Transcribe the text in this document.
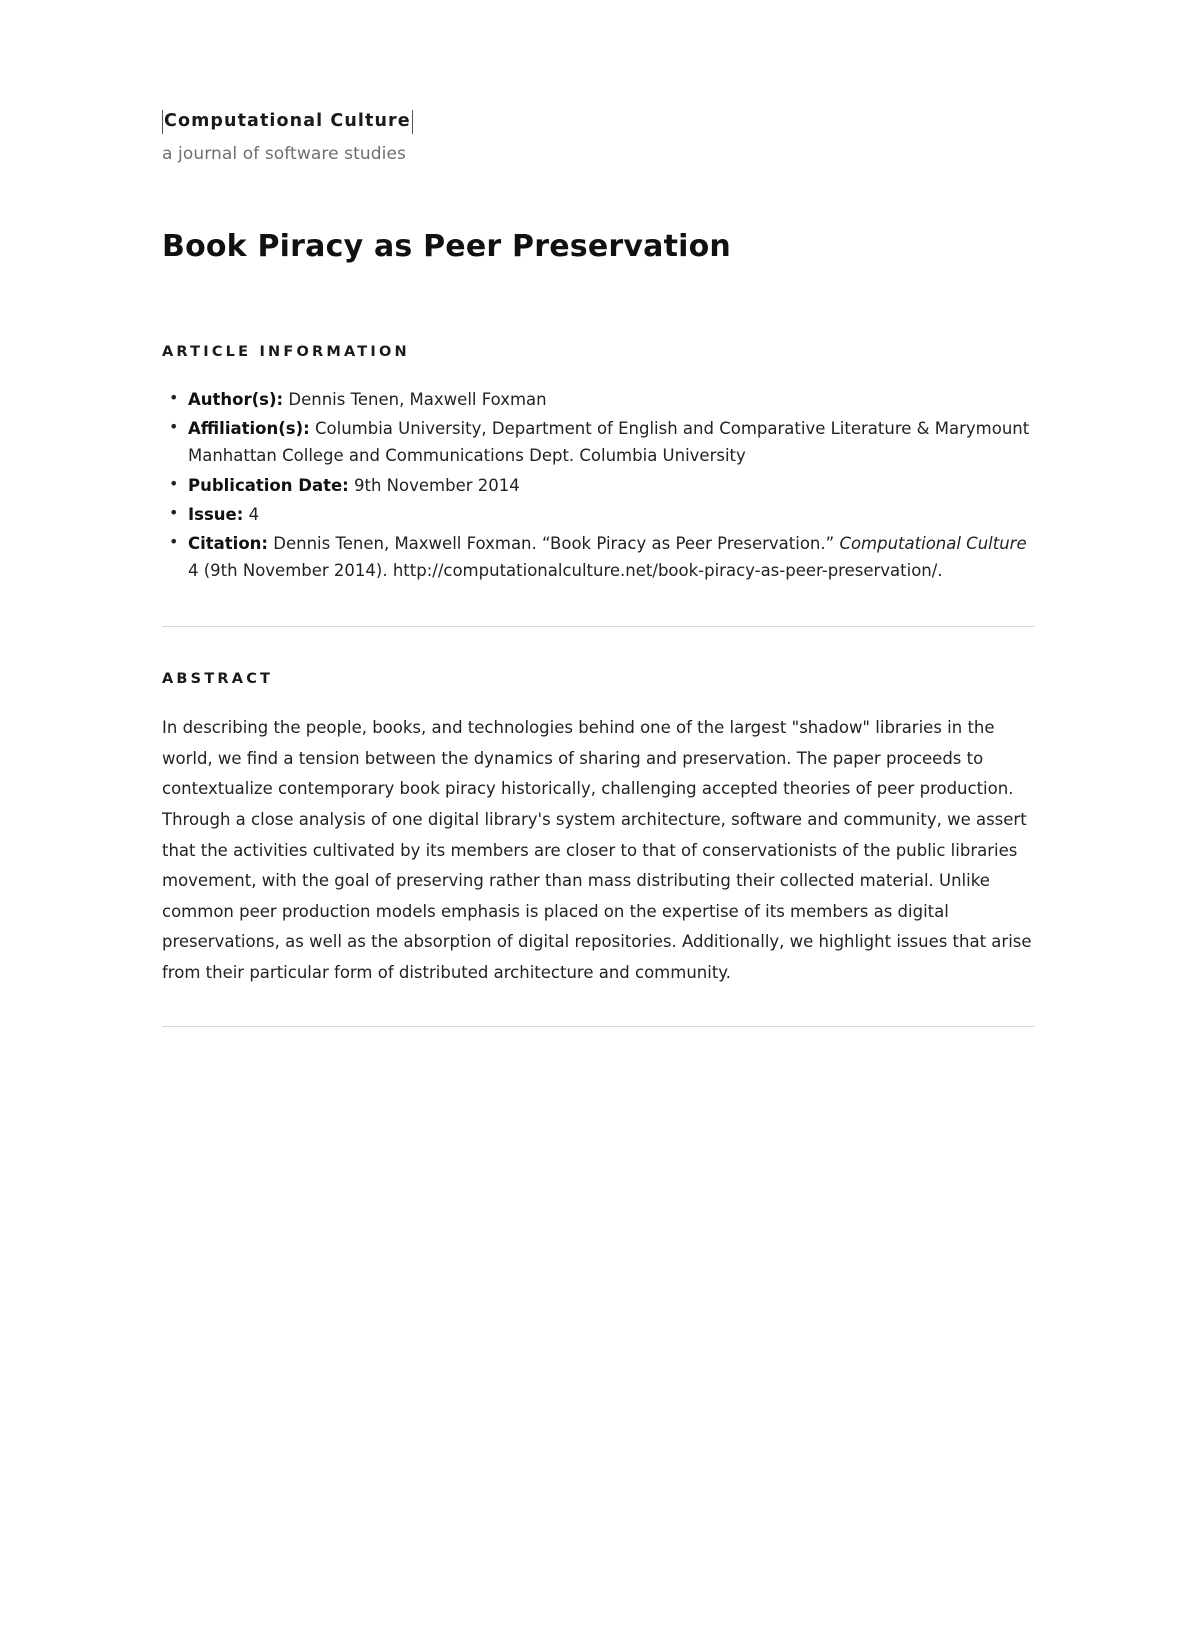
Computational Culture
a journal of software studies
Book Piracy as Peer Preservation
ARTICLE INFORMATION
• Author(s): Dennis Tenen, Maxwell Foxman
• Affiliation(s): Columbia University, Department of English and Comparative Literature & Marymount Manhattan College and Communications Dept. Columbia University
• Publication Date: 9th November 2014
• Issue: 4
• Citation: Dennis Tenen, Maxwell Foxman. “Book Piracy as Peer Preservation.” Computational Culture 4 (9th November 2014). http://computationalculture.net/book-piracy-as-peer-preservation/.
ABSTRACT

In describing the people, books, and technologies behind one of the largest "shadow" libraries in the world, we find a tension between the dynamics of sharing and preservation. The paper proceeds to contextualize contemporary book piracy historically, challenging accepted theories of peer production. Through a close analysis of one digital library's system architecture, software and community, we assert that the activities cultivated by its members are closer to that of conservationists of the public libraries movement, with the goal of preserving rather than mass distributing their collected material. Unlike common peer production models emphasis is placed on the expertise of its members as digital preservations, as well as the absorption of digital repositories. Additionally, we highlight issues that arise from their particular form of distributed architecture and community.
